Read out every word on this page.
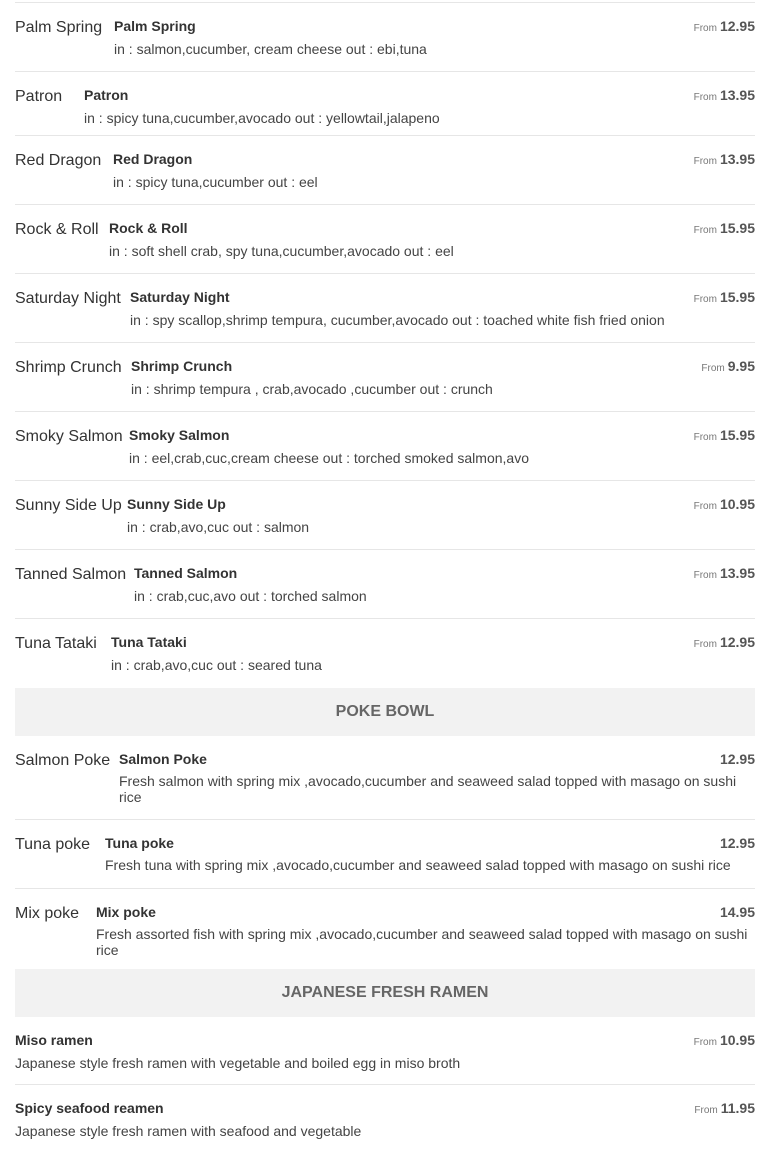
Palm Spring Palm Spring	From 12.95
in : salmon,cucumber, cream cheese out : ebi,tuna
Patron	Patron	From 13.95
in : spicy tuna,cucumber,avocado out : yellowtail,jalapeno
Red Dragon Red Dragon	From 13.95
in : spicy tuna,cucumber out : eel
Rock & Roll Rock & Roll	From 15.95
in : soft shell crab, spy tuna,cucumber,avocado out : eel
Saturday Night Saturday Night	From 15.95
in : spy scallop,shrimp tempura, cucumber,avocado out : toached white fish fried onion
Shrimp Crunch Shrimp Crunch	From 9.95
in : shrimp tempura , crab,avocado ,cucumber out : crunch
Smoky Salmon Smoky Salmon	From 15.95
in : eel,crab,cuc,cream cheese out : torched smoked salmon,avo
Sunny Side Up Sunny Side Up	From 10.95
in : crab,avo,cuc out : salmon
Tanned Salmon Tanned Salmon	From 13.95
in : crab,cuc,avo out : torched salmon
Tuna Tataki	Tuna Tataki	From 12.95
in : crab,avo,cuc out : seared tuna
POKE BOWL
Salmon Poke Salmon Poke	12.95
Fresh salmon with spring mix ,avocado,cucumber and seaweed salad topped with masago on sushi rice
Tuna poke	Tuna poke	12.95
Fresh tuna with spring mix ,avocado,cucumber and seaweed salad topped with masago on sushi rice
Mix poke	Mix poke	14.95
Fresh assorted fish with spring mix ,avocado,cucumber and seaweed salad topped with masago on sushi rice
JAPANESE FRESH RAMEN
Miso ramen	From 10.95
Japanese style fresh ramen with vegetable and boiled egg in miso broth
Spicy seafood reamen	From 11.95
Japanese style fresh ramen with seafood and vegetable
